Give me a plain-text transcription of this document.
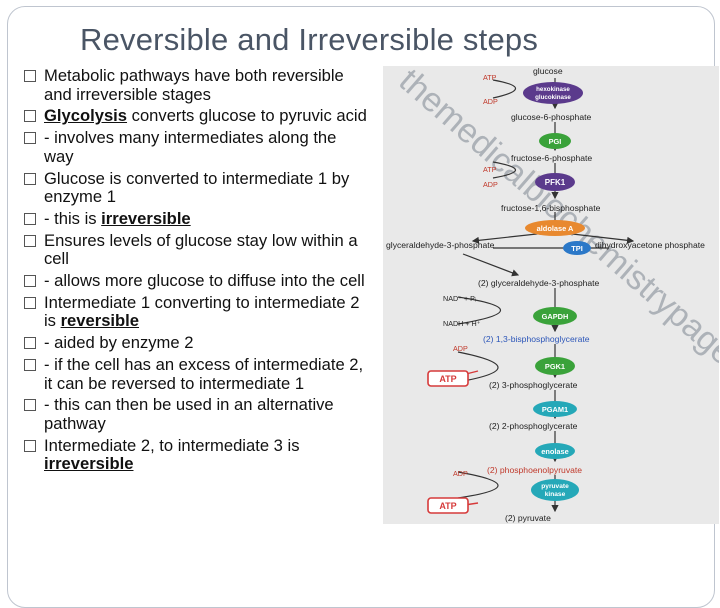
Reversible and Irreversible steps
Metabolic pathways have both reversible and irreversible stages
Glycolysis converts glucose to pyruvic acid
- involves many intermediates along the way
Glucose is converted to intermediate 1 by enzyme 1
- this is irreversible
Ensures levels of glucose stay low within a cell
- allows more glucose to diffuse into the cell
Intermediate 1 converting to intermediate 2 is reversible
- aided by enzyme 2
- if the cell has an excess of intermediate 2, it can be reversed to intermediate 1
- this can then be used in an alternative pathway
Intermediate 2, to intermediate 3 is irreversible
glucose
glucose-6-phosphate
fructose-6-phosphate
fructose-1,6-bisphosphate
glyceraldehyde-3-phosphate	dihydroxyacetone phosphate
(2) glyceraldehyde-3-phosphate
(2) 1,3-bisphosphoglycerate
(2) 3-phosphoglycerate
(2) 2-phosphoglycerate
(2) phosphoenolpyruvate
(2) pyruvate
ATP
ADP
ATP
ADP
NAD⁺ + Pᵢ
NADH + H⁺
ADP
ADP
ATP
ATP
hexokinase
glucokinase
PGI
PFK1
aldolase A
TPI
GAPDH
PGK1
PGAM1
enolase
pyruvate
kinase
